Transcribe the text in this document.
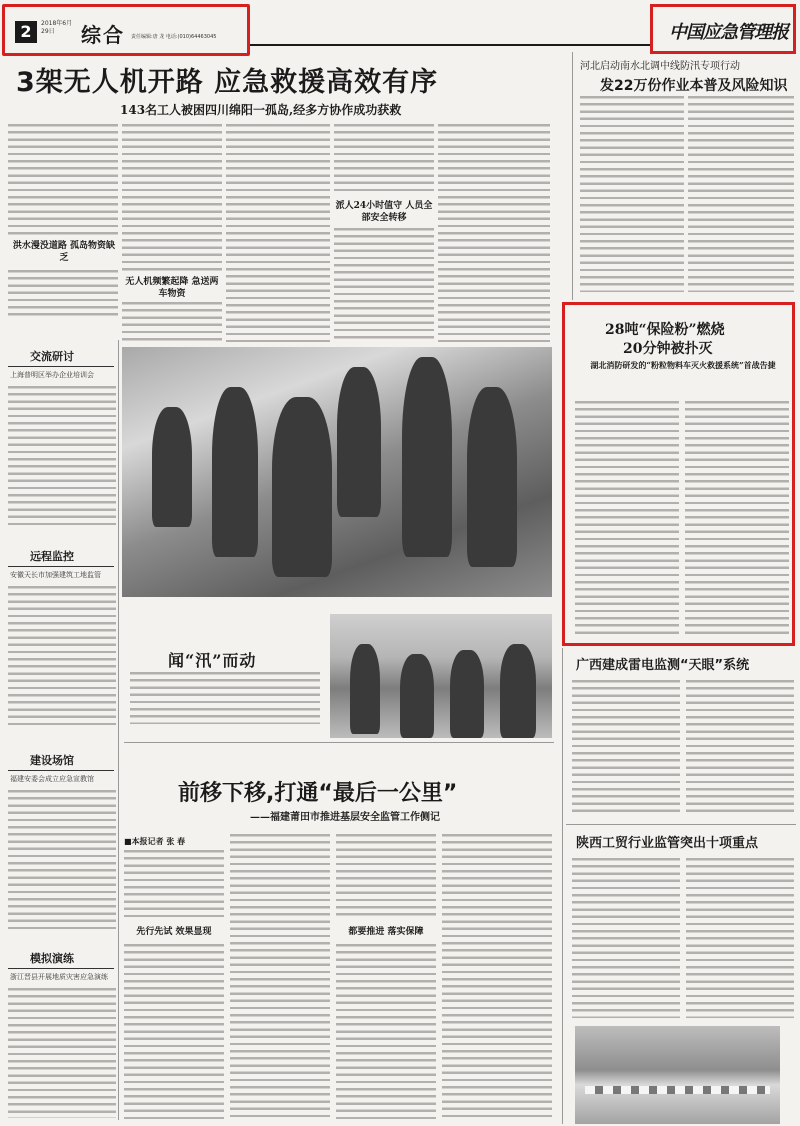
2	2018年6月29日	综合 责任编辑:唐 龙 电话:(010)64463045	中国应急管理报
3架无人机开路 应急救援高效有序
143名工人被困四川绵阳一孤岛,经多方协作成功获救
河北启动南水北调中线防汛专项行动
发22万份作业本普及风险知识
洪水漫没道路 孤岛物资缺乏
无人机频繁起降 急送两车物资
派人24小时值守 人员全部安全转移
交流研讨
上海普明区举办企业培训会
远程监控
安徽天长市加强建筑工地监管
建设场馆
福建安委会成立应急宣教馆
模拟演练
浙江晋县开展地质灾害应急演练
闻“汛”而动
28吨“保险粉”燃烧
20分钟被扑灭
湖北消防研发的“粉粒物料车灭火救援系统”首战告捷
广西建成雷电监测“天眼”系统
陕西工贸行业监管突出十项重点
前移下移,打通“最后一公里”
——福建莆田市推进基层安全监管工作侧记
■本报记者 张 春
先行先试 效果显现	都要推进 落实保障
